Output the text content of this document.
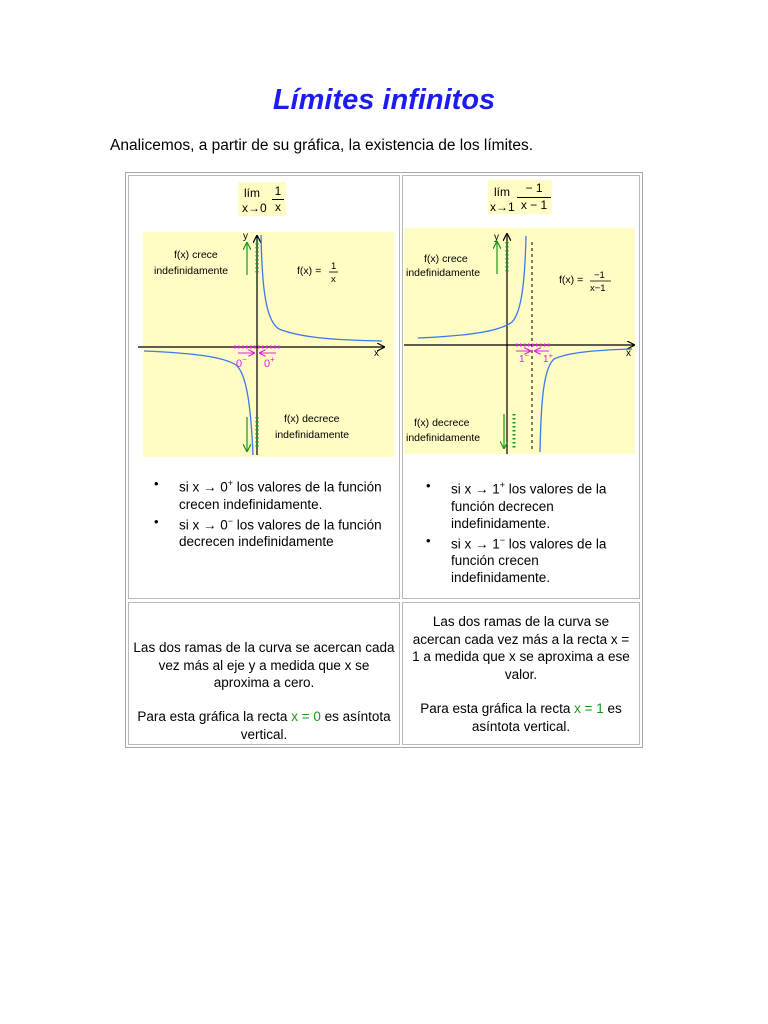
Límites infinitos
Analicemos, a partir de su gráfica, la existencia de los límites.
lím
x→0
1
x
lím
x→1
− 1
x − 1
y
x
0− 0+
f(x) crece
indefinidamente	f(x) = 1
x
f(x) decrece
indefinidamente
y
x
1− 1+
f(x) crece
indefinidamente
f(x) = −1
x−1
f(x) decrece
indefinidamente
• si x → 0+ los valores de la función crecen indefinidamente.
• si x → 0− los valores de la función decrecen indefinidamente
• si x → 1+ los valores de la función decrecen indefinidamente.
• si x → 1− los valores de la función crecen indefinidamente.
Las dos ramas de la curva se acercan cada vez más al eje y a medida que x se aproxima a cero.
Para esta gráfica la recta x = 0 es asíntota vertical.
Las dos ramas de la curva se acercan cada vez más a la recta x = 1 a medida que x se aproxima a ese valor.
Para esta gráfica la recta x = 1 es asíntota vertical.
